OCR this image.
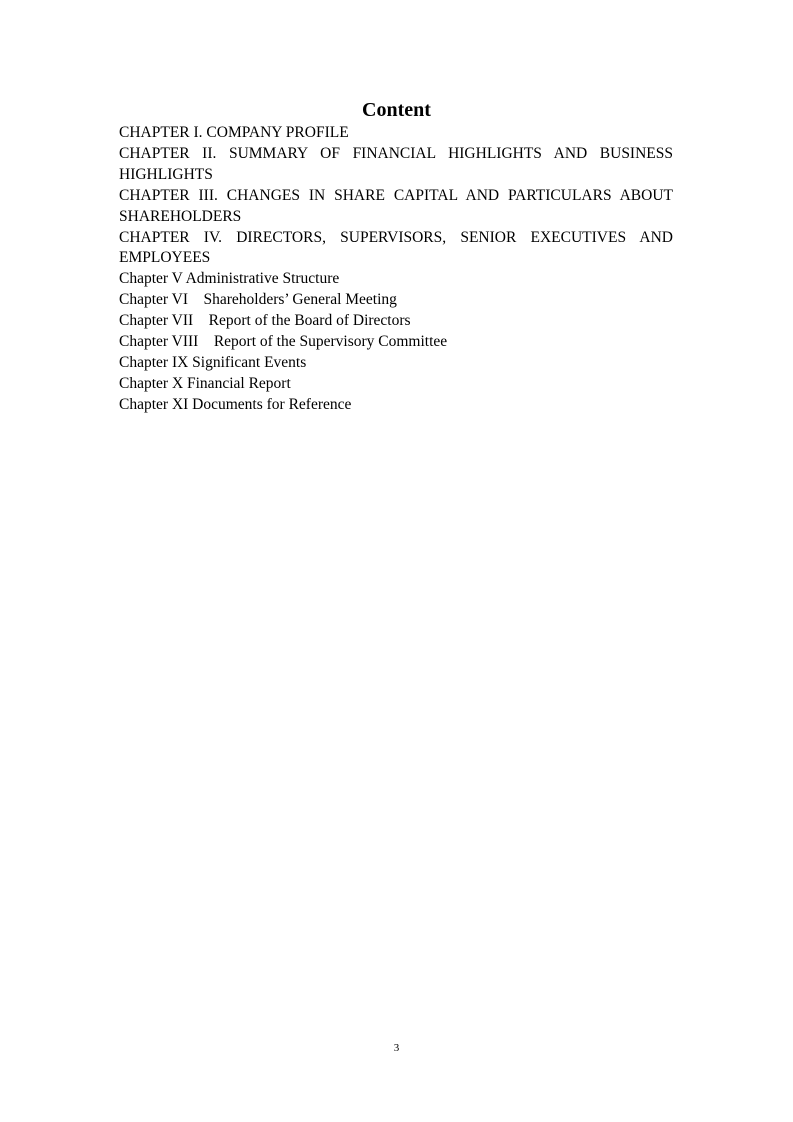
Content
CHAPTER I. COMPANY PROFILE
CHAPTER II. SUMMARY OF FINANCIAL HIGHLIGHTS AND BUSINESS HIGHLIGHTS
CHAPTER III. CHANGES IN SHARE CAPITAL AND PARTICULARS ABOUT SHAREHOLDERS
CHAPTER IV. DIRECTORS, SUPERVISORS, SENIOR EXECUTIVES AND EMPLOYEES
Chapter V Administrative Structure
Chapter VI　Shareholders’ General Meeting
Chapter VII　Report of the Board of Directors
Chapter VIII　Report of the Supervisory Committee
Chapter IX Significant Events
Chapter X Financial Report
Chapter XI Documents for Reference
3
